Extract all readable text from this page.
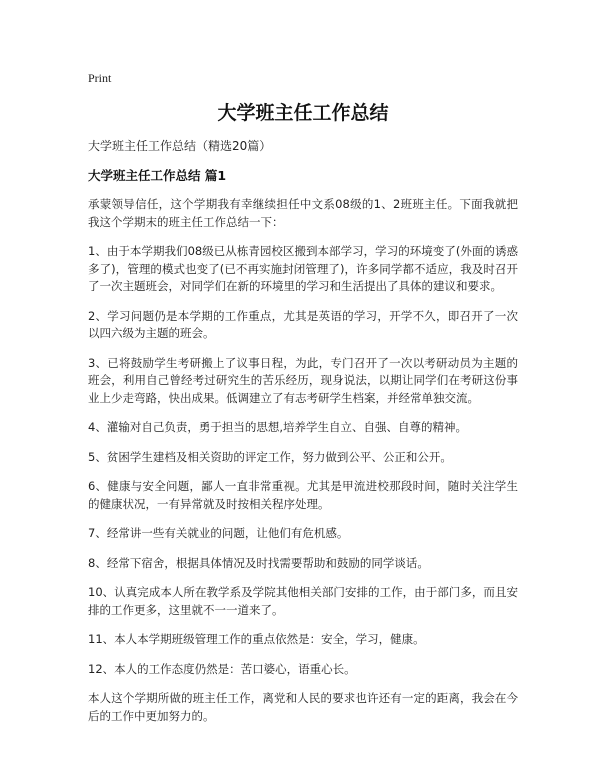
Print
大学班主任工作总结
大学班主任工作总结（精选20篇）
大学班主任工作总结 篇1

承蒙领导信任，这个学期我有幸继续担任中文系08级的1、2班班主任。下面我就把我这个学期末的班主任工作总结一下：

1、由于本学期我们08级已从栋青园校区搬到本部学习，学习的环境变了(外面的诱惑多了)，管理的模式也变了(已不再实施封闭管理了)，许多同学都不适应，我及时召开了一次主题班会，对同学们在新的环境里的学习和生活提出了具体的建议和要求。

2、学习问题仍是本学期的工作重点，尤其是英语的学习，开学不久，即召开了一次以四六级为主题的班会。

3、已将鼓励学生考研搬上了议事日程，为此，专门召开了一次以考研动员为主题的班会，利用自己曾经考过研究生的苦乐经历，现身说法，以期让同学们在考研这份事业上少走弯路，快出成果。低调建立了有志考研学生档案，并经常单独交流。

4、灌输对自己负责，勇于担当的思想,培养学生自立、自强、自尊的精神。

5、贫困学生建档及相关资助的评定工作，努力做到公平、公正和公开。

6、健康与安全问题，鄙人一直非常重视。尤其是甲流进校那段时间，随时关注学生的健康状况，一有异常就及时按相关程序处理。

7、经常讲一些有关就业的问题，让他们有危机感。

8、经常下宿舍，根据具体情况及时找需要帮助和鼓励的同学谈话。

10、认真完成本人所在教学系及学院其他相关部门安排的工作，由于部门多，而且安排的工作更多，这里就不一一道来了。

11、本人本学期班级管理工作的重点依然是：安全，学习，健康。

12、本人的工作态度仍然是：苦口婆心，语重心长。

本人这个学期所做的班主任工作，离党和人民的要求也许还有一定的距离，我会在今后的工作中更加努力的。
